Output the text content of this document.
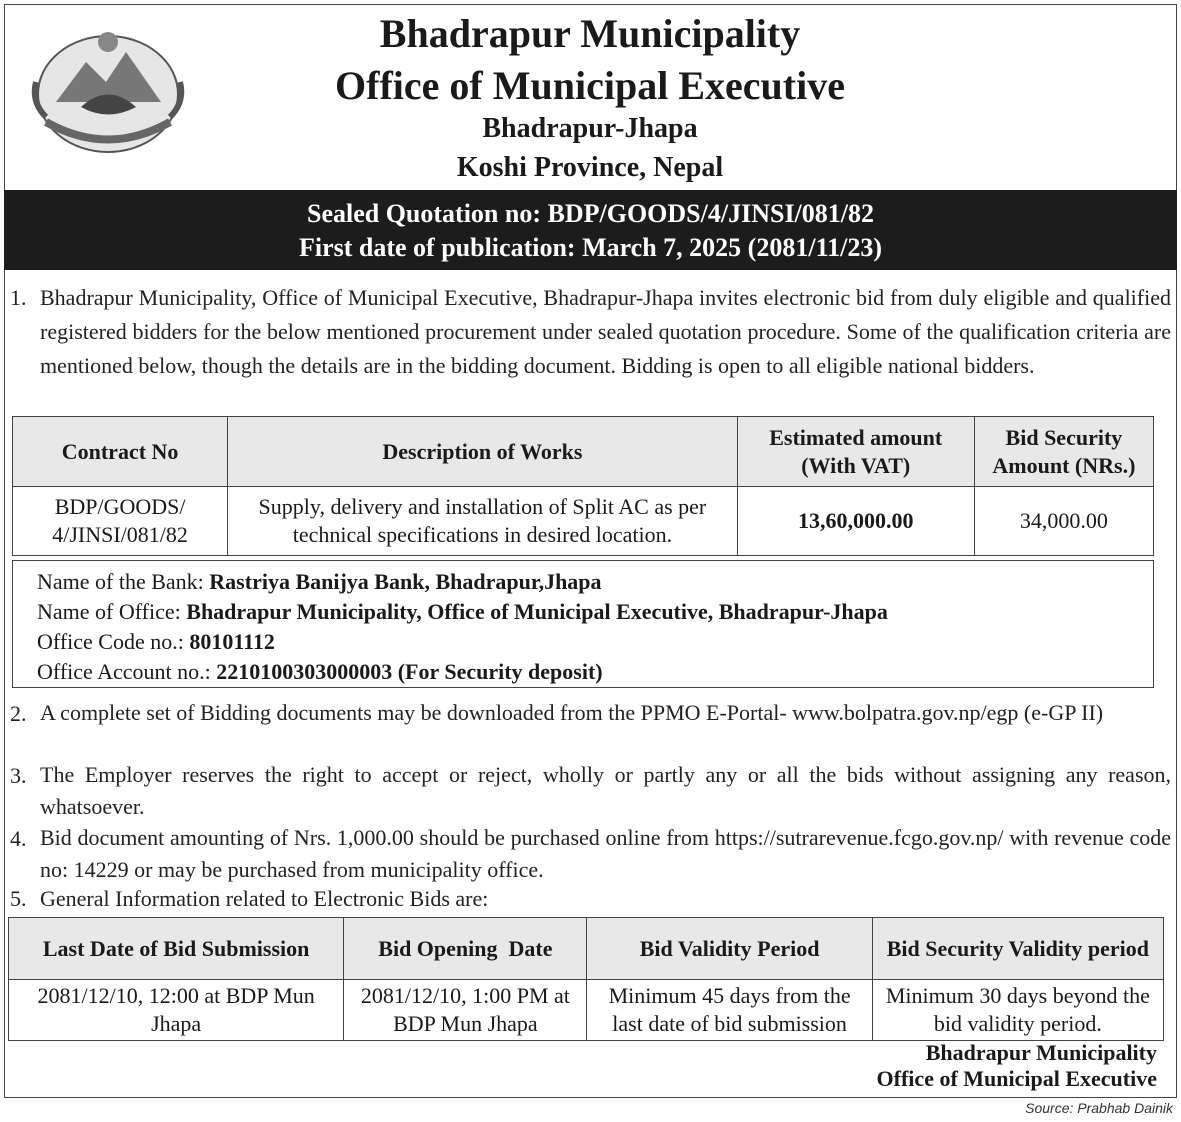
Bhadrapur Municipality
Office of Municipal Executive
Bhadrapur-Jhapa
Koshi Province, Nepal
Sealed Quotation no: BDP/GOODS/4/JINSI/081/82
First date of publication: March 7, 2025 (2081/11/23)
1. Bhadrapur Municipality, Office of Municipal Executive, Bhadrapur-Jhapa invites electronic bid from duly eligible and qualified registered bidders for the below mentioned procurement under sealed quotation procedure. Some of the qualification criteria are mentioned below, though the details are in the bidding document. Bidding is open to all eligible national bidders.
Contract No	Description of Works	Estimated amount (With VAT)	Bid Security Amount (NRs.)
BDP/GOODS/ 4/JINSI/081/82	Supply, delivery and installation of Split AC as per technical specifications in desired location.	13,60,000.00	34,000.00
Name of the Bank: Rastriya Banijya Bank, Bhadrapur,Jhapa
Name of Office: Bhadrapur Municipality, Office of Municipal Executive, Bhadrapur-Jhapa
Office Code no.: 80101112
Office Account no.: 2210100303000003 (For Security deposit)
2. A complete set of Bidding documents may be downloaded from the PPMO E-Portal- www.bolpatra.gov.np/egp (e-GP II)
3. The Employer reserves the right to accept or reject, wholly or partly any or all the bids without assigning any reason, whatsoever.
4. Bid document amounting of Nrs. 1,000.00 should be purchased online from https://sutrarevenue.fcgo.gov.np/ with revenue code no: 14229 or may be purchased from municipality office.
5. General Information related to Electronic Bids are:
Last Date of Bid Submission	Bid Opening  Date	Bid Validity Period	Bid Security Validity period
2081/12/10, 12:00 at BDP Mun Jhapa	2081/12/10, 1:00 PM at BDP Mun Jhapa	Minimum 45 days from the last date of bid submission	Minimum 30 days beyond the bid validity period.
Bhadrapur Municipality
Office of Municipal Executive
Source: Prabhab Dainik
